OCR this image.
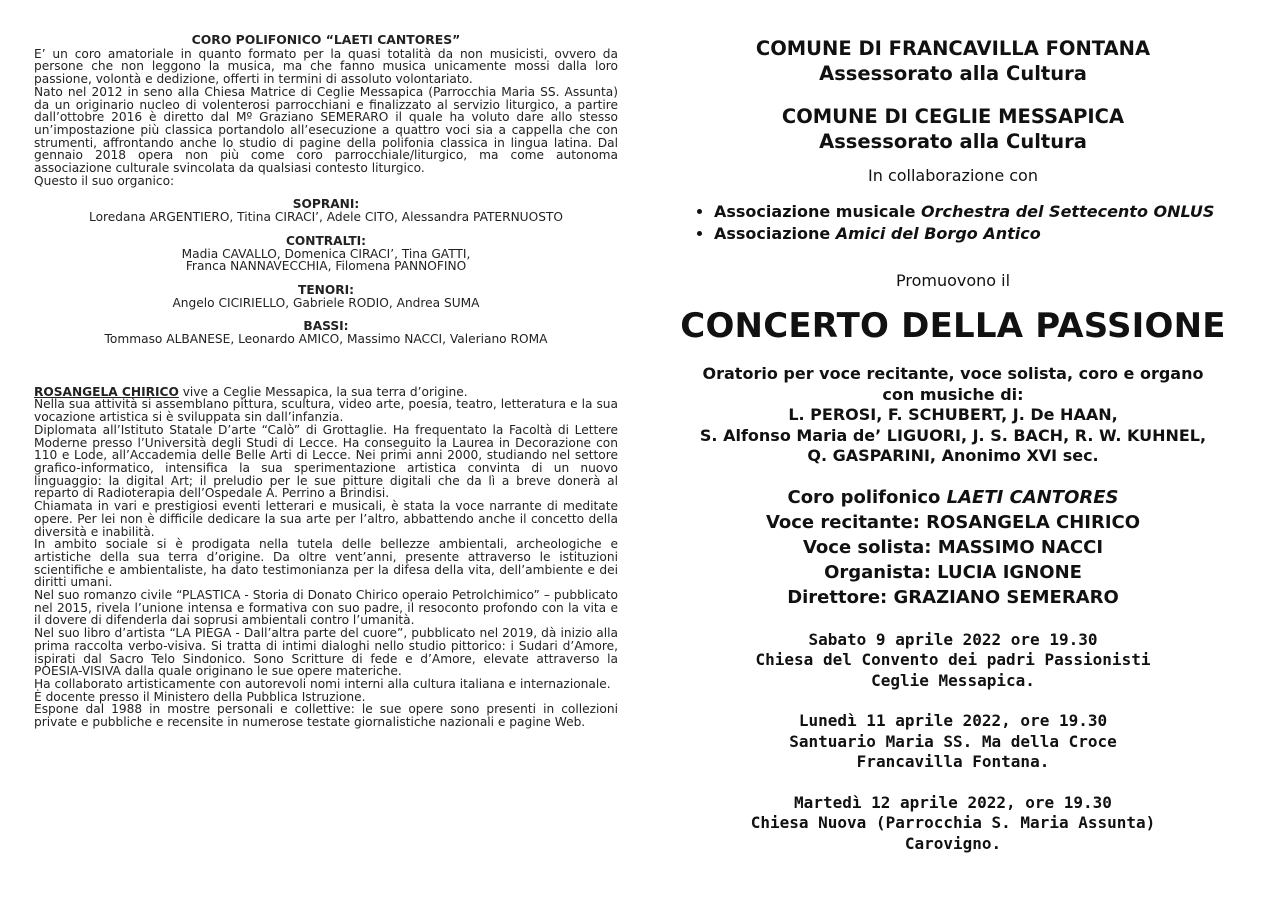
CORO POLIFONICO “LAETI CANTORES”

E’ un coro amatoriale in quanto formato per la quasi totalità da non musicisti, ovvero da persone che non leggono la musica, ma che fanno musica unicamente mossi dalla loro passione, volontà e dedizione, offerti in termini di assoluto volontariato.

Nato nel 2012 in seno alla Chiesa Matrice di Ceglie Messapica (Parrocchia Maria SS. Assunta) da un originario nucleo di volenterosi parrocchiani e finalizzato al servizio liturgico, a partire dall’ottobre 2016 è diretto dal Mº Graziano SEMERARO il quale ha voluto dare allo stesso un’impostazione più classica portandolo all’esecuzione a quattro voci sia a cappella che con strumenti, affrontando anche lo studio di pagine della polifonia classica in lingua latina. Dal gennaio 2018 opera non più come coro parrocchiale/liturgico, ma come autonoma associazione culturale svincolata da qualsiasi contesto liturgico.

Questo il suo organico:

SOPRANI:
Loredana ARGENTIERO, Titina CIRACI’, Adele CITO, Alessandra PATERNUOSTO
CONTRALTI:
Madia CAVALLO, Domenica CIRACI’, Tina GATTI,
Franca NANNAVECCHIA, Filomena PANNOFINO
TENORI:
Angelo CICIRIELLO, Gabriele RODIO, Andrea SUMA
BASSI:
Tommaso ALBANESE, Leonardo AMICO, Massimo NACCI, Valeriano ROMA

ROSANGELA CHIRICO vive a Ceglie Messapica, la sua terra d’origine.

Nella sua attività si assemblano pittura, scultura, video arte, poesia, teatro, letteratura e la sua vocazione artistica si è sviluppata sin dall’infanzia.

Diplomata all’Istituto Statale D’arte “Calò” di Grottaglie. Ha frequentato la Facoltà di Lettere Moderne presso l’Università degli Studi di Lecce. Ha conseguito la Laurea in Decorazione con 110 e Lode, all’Accademia delle Belle Arti di Lecce. Nei primi anni 2000, studiando nel settore grafico-informatico, intensifica la sua sperimentazione artistica convinta di un nuovo linguaggio: la digital Art; il preludio per le sue pitture digitali che da lì a breve donerà al reparto di Radioterapia dell’Ospedale A. Perrino a Brindisi.

Chiamata in vari e prestigiosi eventi letterari e musicali, è stata la voce narrante di meditate opere. Per lei non è difficile dedicare la sua arte per l’altro, abbattendo anche il concetto della diversità e inabilità.

In ambito sociale si è prodigata nella tutela delle bellezze ambientali, archeologiche e artistiche della sua terra d’origine. Da oltre vent’anni, presente attraverso le istituzioni scientifiche e ambientaliste, ha dato testimonianza per la difesa della vita, dell’ambiente e dei diritti umani.

Nel suo romanzo civile “PLASTICA - Storia di Donato Chirico operaio Petrolchimico” – pubblicato nel 2015, rivela l’unione intensa e formativa con suo padre, il resoconto profondo con la vita e il dovere di difenderla dai soprusi ambientali contro l’umanità.

Nel suo libro d’artista “LA PIEGA - Dall’altra parte del cuore”, pubblicato nel 2019, dà inizio alla prima raccolta verbo-visiva. Si tratta di intimi dialoghi nello studio pittorico: i Sudari d’Amore, ispirati dal Sacro Telo Sindonico. Sono Scritture di fede e d’Amore, elevate attraverso la POESIA-VISIVA dalla quale originano le sue opere materiche.

Ha collaborato artisticamente con autorevoli nomi interni alla cultura italiana e internazionale.

È docente presso il Ministero della Pubblica Istruzione.

Espone dal 1988 in mostre personali e collettive: le sue opere sono presenti in collezioni private e pubbliche e recensite in numerose testate giornalistiche nazionali e pagine Web.

COMUNE DI FRANCAVILLA FONTANA
Assessorato alla Cultura
COMUNE DI CEGLIE MESSAPICA
Assessorato alla Cultura
In collaborazione con
• Associazione musicale Orchestra del Settecento ONLUS
• Associazione Amici del Borgo Antico
Promuovono il
CONCERTO DELLA PASSIONE
Oratorio per voce recitante, voce solista, coro e organo
con musiche di:
L. PEROSI, F. SCHUBERT, J. De HAAN,
S. Alfonso Maria de’ LIGUORI, J. S. BACH, R. W. KUHNEL,
Q. GASPARINI, Anonimo XVI sec.
Coro polifonico LAETI CANTORES
Voce recitante: ROSANGELA CHIRICO
Voce solista: MASSIMO NACCI
Organista: LUCIA IGNONE
Direttore: GRAZIANO SEMERARO
Sabato 9 aprile 2022 ore 19.30
Chiesa del Convento dei padri Passionisti
Ceglie Messapica.
Lunedì 11 aprile 2022, ore 19.30
Santuario Maria SS. Ma della Croce
Francavilla Fontana.
Martedì 12 aprile 2022, ore 19.30
Chiesa Nuova (Parrocchia S. Maria Assunta)
Carovigno.
